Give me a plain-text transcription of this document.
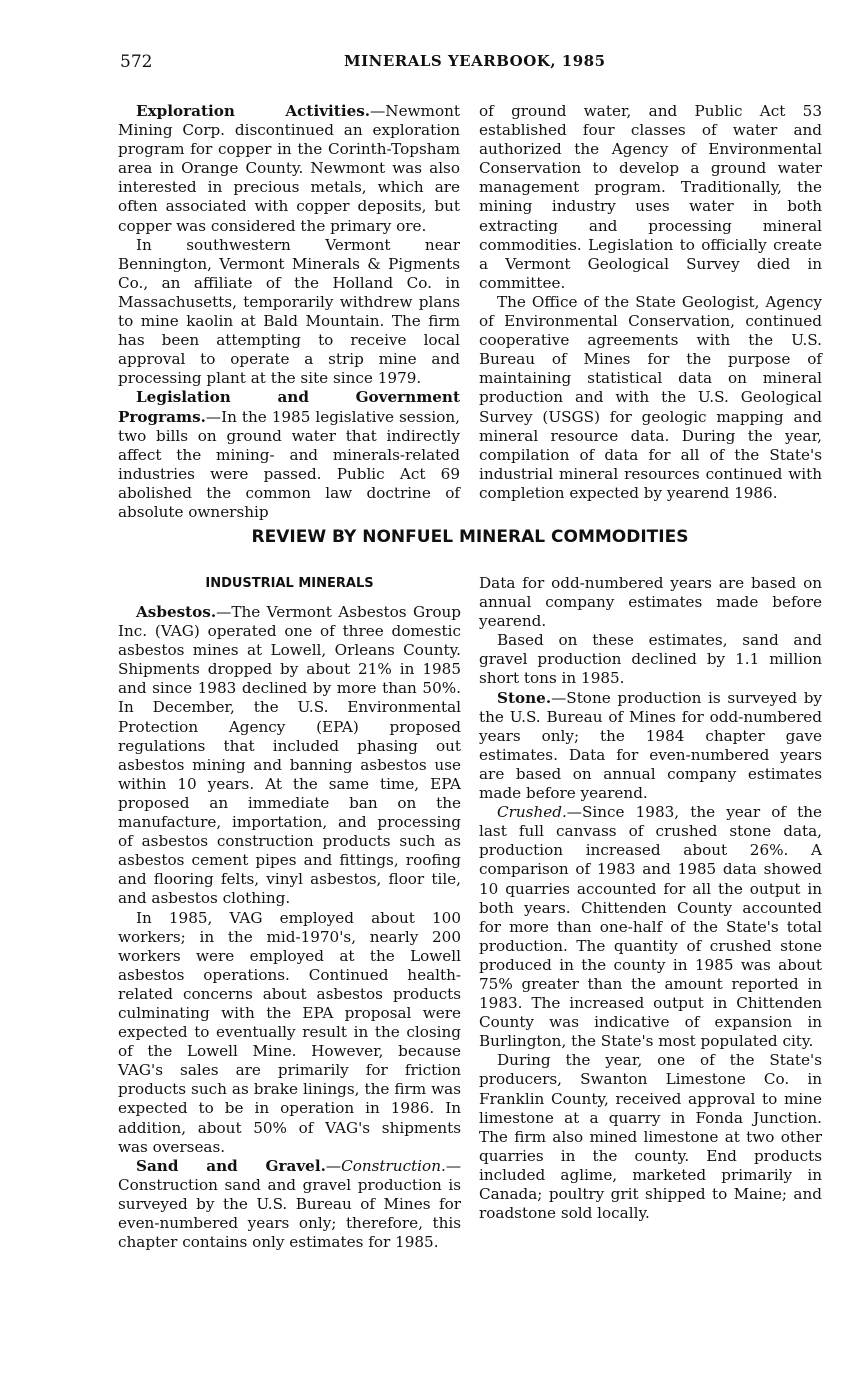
572	MINERALS YEARBOOK, 1985

Exploration Activities.—Newmont Mining Corp. discontinued an exploration program for copper in the Corinth-Topsham area in Orange County. Newmont was also interested in precious metals, which are often associated with copper deposits, but copper was considered the primary ore.

In southwestern Vermont near Bennington, Vermont Minerals & Pigments Co., an affiliate of the Holland Co. in Massachusetts, temporarily withdrew plans to mine kaolin at Bald Mountain. The firm has been attempting to receive local approval to operate a strip mine and processing plant at the site since 1979.

Legislation and Government Programs.—In the 1985 legislative session, two bills on ground water that indirectly affect the mining- and minerals-related industries were passed. Public Act 69 abolished the common law doctrine of absolute ownership

of ground water, and Public Act 53 established four classes of water and authorized the Agency of Environmental Conservation to develop a ground water management program. Traditionally, the mining industry uses water in both extracting and processing mineral commodities. Legislation to officially create a Vermont Geological Survey died in committee.

The Office of the State Geologist, Agency of Environmental Conservation, continued cooperative agreements with the U.S. Bureau of Mines for the purpose of maintaining statistical data on mineral production and with the U.S. Geological Survey (USGS) for geologic mapping and mineral resource data. During the year, compilation of data for all of the State's industrial mineral resources continued with completion expected by yearend 1986.

REVIEW BY NONFUEL MINERAL COMMODITIES
INDUSTRIAL MINERALS

Asbestos.—The Vermont Asbestos Group Inc. (VAG) operated one of three domestic asbestos mines at Lowell, Orleans County. Shipments dropped by about 21% in 1985 and since 1983 declined by more than 50%. In December, the U.S. Environmental Protection Agency (EPA) proposed regulations that included phasing out asbestos mining and banning asbestos use within 10 years. At the same time, EPA proposed an immediate ban on the manufacture, importation, and processing of asbestos construction products such as asbestos cement pipes and fittings, roofing and flooring felts, vinyl asbestos, floor tile, and asbestos clothing.

In 1985, VAG employed about 100 workers; in the mid-1970's, nearly 200 workers were employed at the Lowell asbestos operations. Continued health-related concerns about asbestos products culminating with the EPA proposal were expected to eventually result in the closing of the Lowell Mine. However, because VAG's sales are primarily for friction products such as brake linings, the firm was expected to be in operation in 1986. In addition, about 50% of VAG's shipments was overseas.

Sand and Gravel.—Construction.—Construction sand and gravel production is surveyed by the U.S. Bureau of Mines for even-numbered years only; therefore, this chapter contains only estimates for 1985.

Data for odd-numbered years are based on annual company estimates made before yearend.

Based on these estimates, sand and gravel production declined by 1.1 million short tons in 1985.

Stone.—Stone production is surveyed by the U.S. Bureau of Mines for odd-numbered years only; the 1984 chapter gave estimates. Data for even-numbered years are based on annual company estimates made before yearend.

Crushed.—Since 1983, the year of the last full canvass of crushed stone data, production increased about 26%. A comparison of 1983 and 1985 data showed 10 quarries accounted for all the output in both years. Chittenden County accounted for more than one-half of the State's total production. The quantity of crushed stone produced in the county in 1985 was about 75% greater than the amount reported in 1983. The increased output in Chittenden County was indicative of expansion in Burlington, the State's most populated city.

During the year, one of the State's producers, Swanton Limestone Co. in Franklin County, received approval to mine limestone at a quarry in Fonda Junction. The firm also mined limestone at two other quarries in the county. End products included aglime, marketed primarily in Canada; poultry grit shipped to Maine; and roadstone sold locally.
